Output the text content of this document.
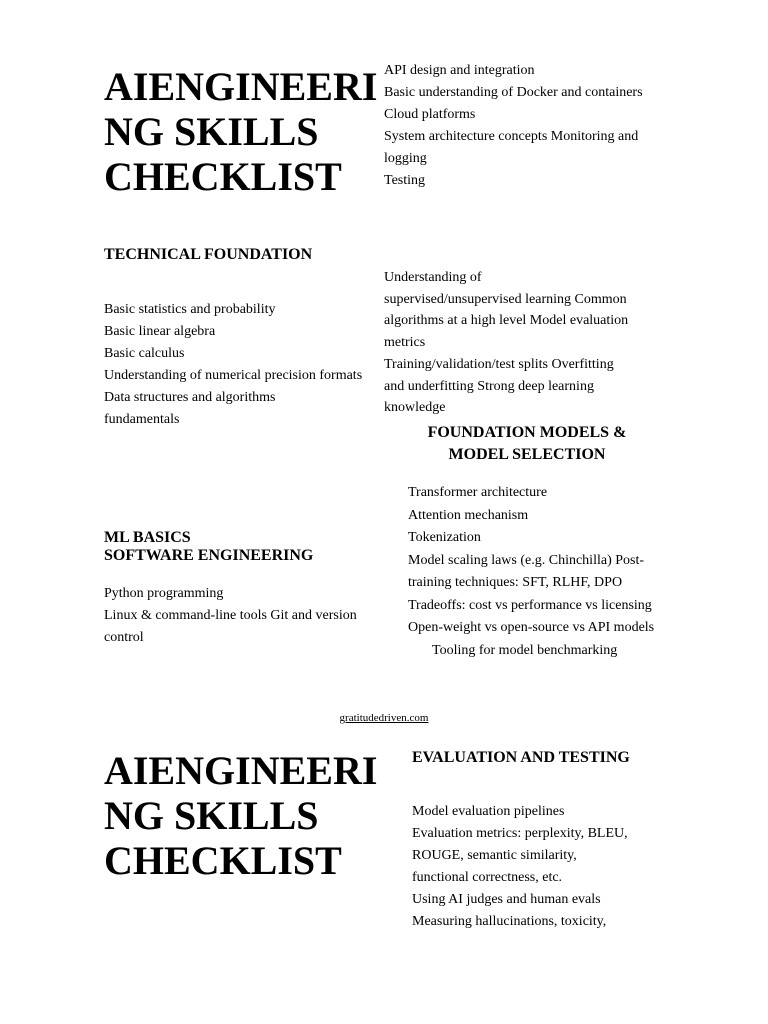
AIENGINEERI
NG SKILLS
CHECKLIST
API design and integration
Basic understanding of Docker and containers
Cloud platforms
System architecture concepts Monitoring and
logging
Testing
TECHNICAL FOUNDATION
Basic statistics and probability
Basic linear algebra
Basic calculus
Understanding of numerical precision formats
Data structures and algorithms
fundamentals
Understanding of
supervised/unsupervised learning Common
algorithms at a high level Model evaluation
metrics
Training/validation/test splits Overfitting
and underfitting Strong deep learning
knowledge
FOUNDATION MODELS &
MODEL SELECTION
Transformer architecture
Attention mechanism
Tokenization
Model scaling laws (e.g. Chinchilla) Post-
training techniques: SFT, RLHF, DPO
Tradeoffs: cost vs performance vs licensing
Open-weight vs open-source vs API models
Tooling for model benchmarking
ML BASICS
SOFTWARE ENGINEERING
Python programming
Linux & command-line tools Git and version
control
gratitudedriven.com
AIENGINEERI
NG SKILLS
CHECKLIST
EVALUATION AND TESTING
Model evaluation pipelines
Evaluation metrics: perplexity, BLEU,
ROUGE, semantic similarity,
functional correctness, etc.
Using AI judges and human evals
Measuring hallucinations, toxicity,
